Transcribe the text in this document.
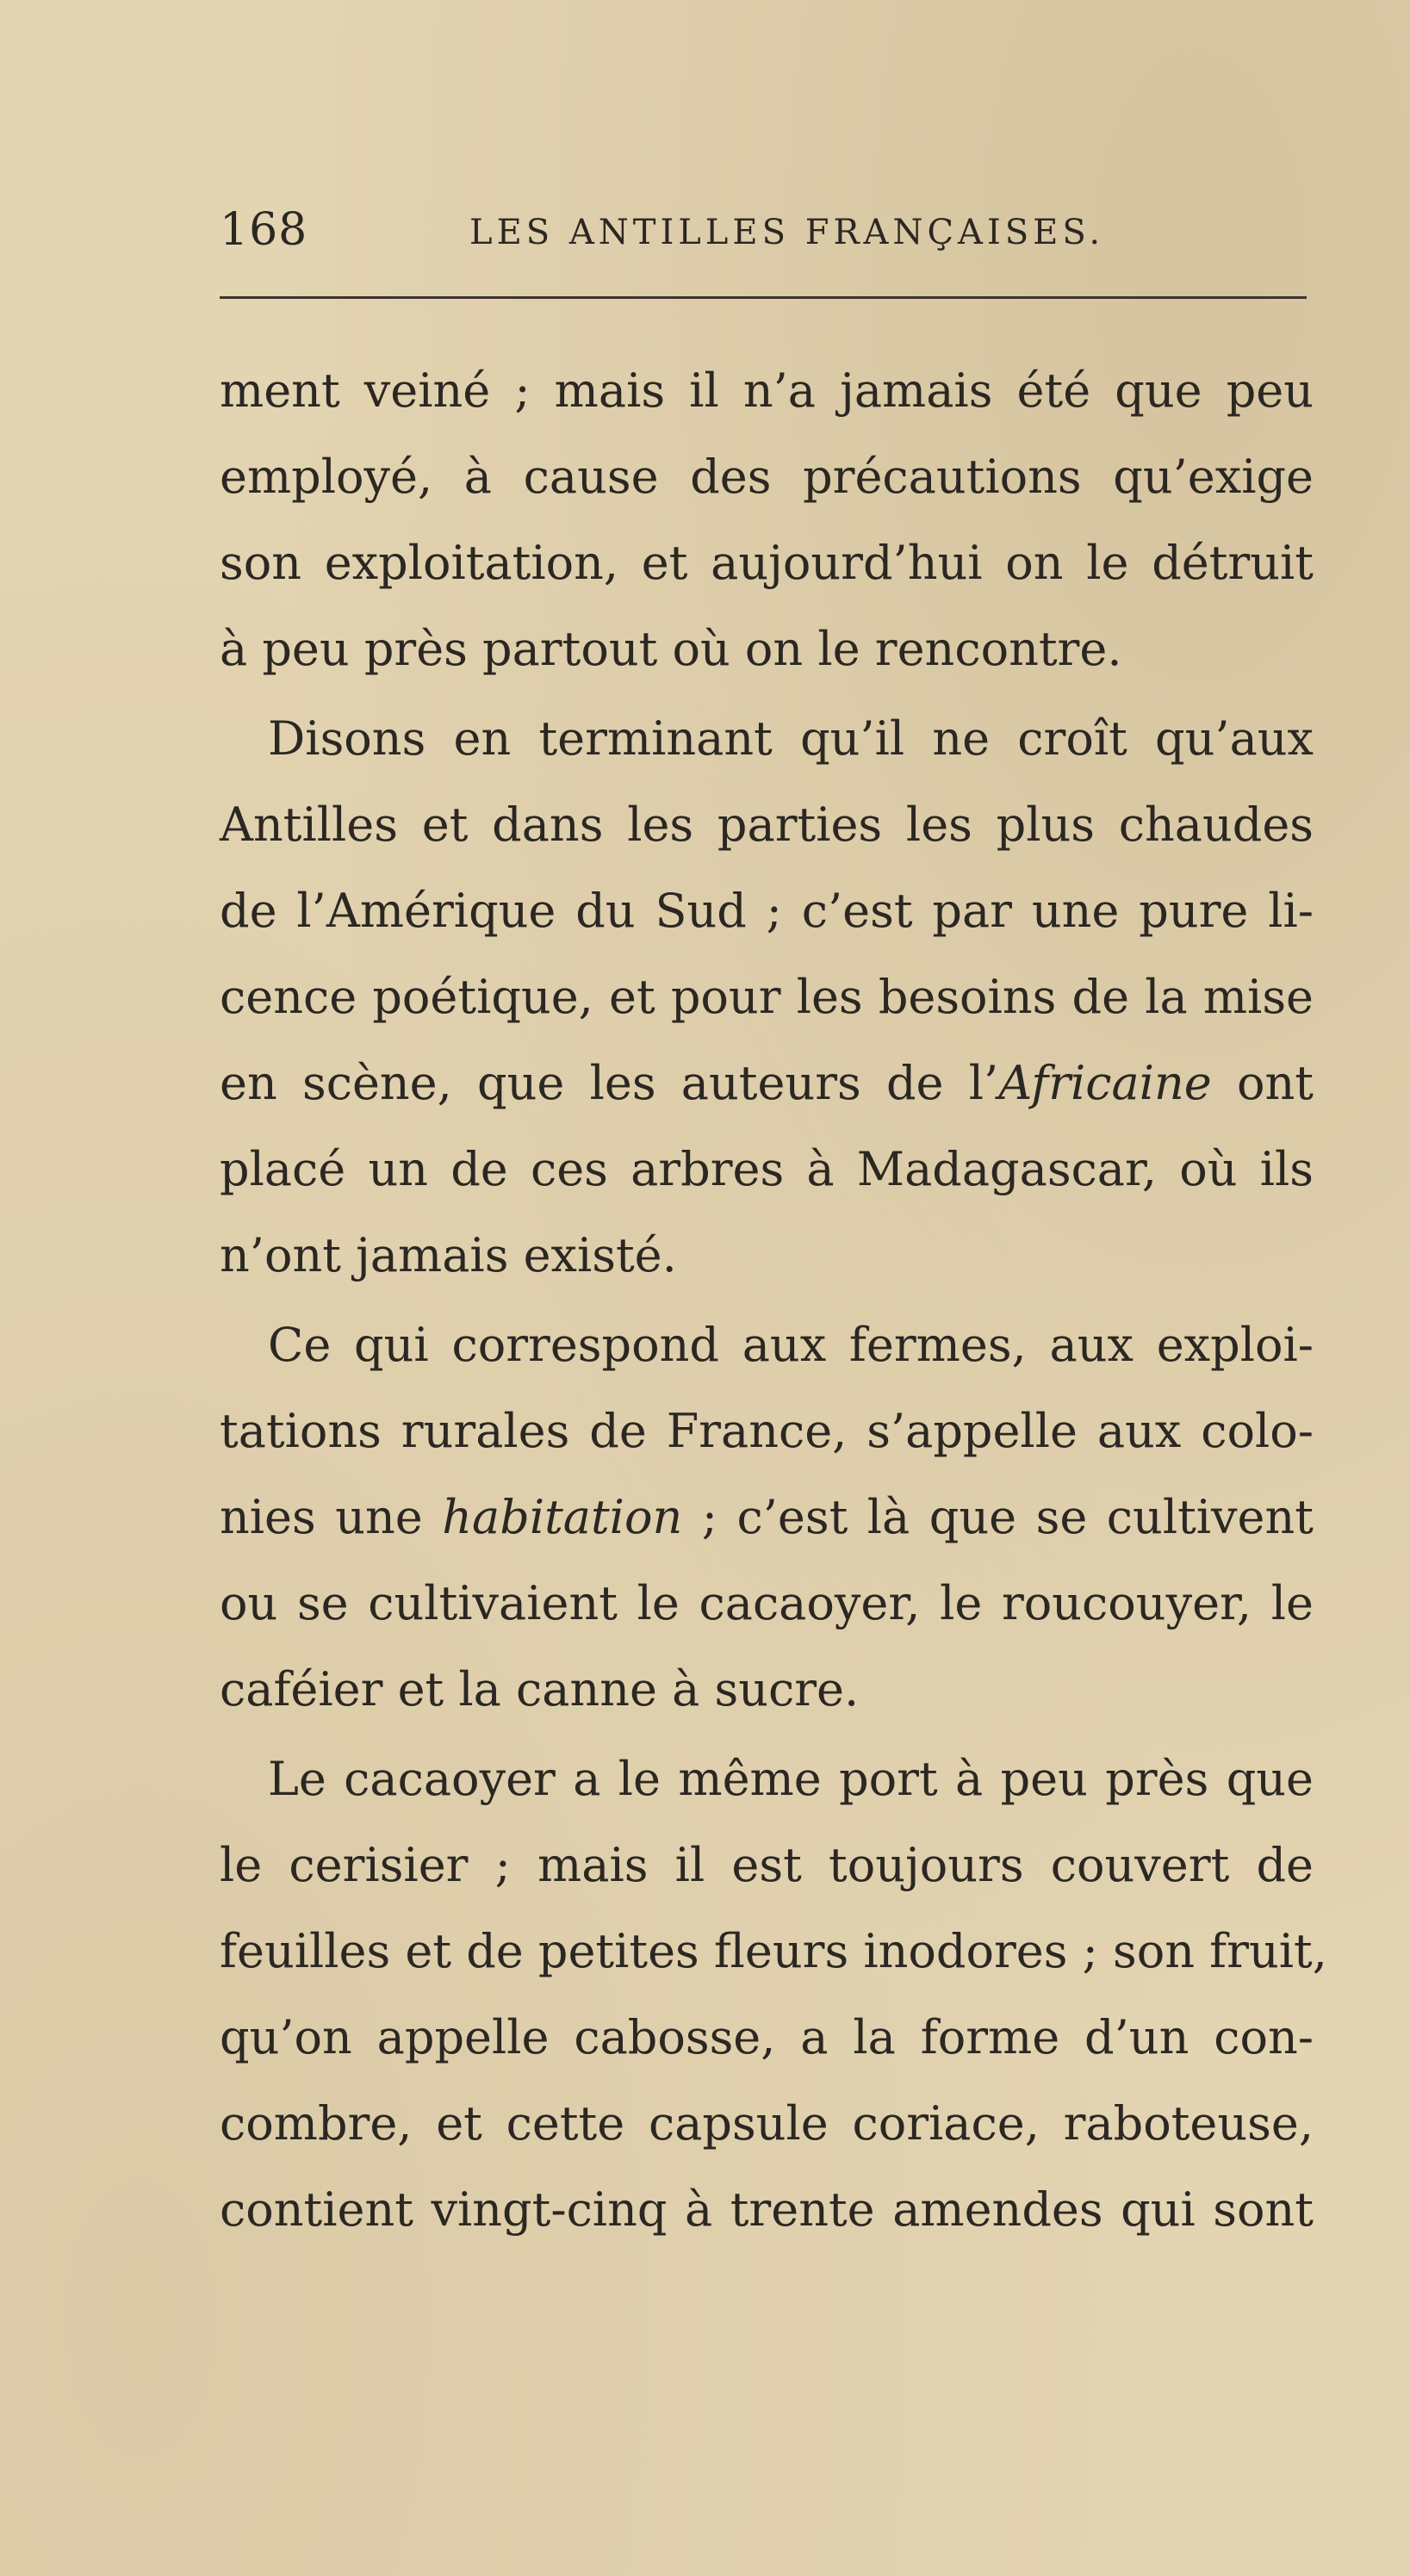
168	LES ANTILLES FRANÇAISES.
ment veiné ; mais il n’a jamais été que peu
employé, à cause des précautions qu’exige
son exploitation, et aujourd’hui on le détruit
à peu près partout où on le rencontre.
Disons en terminant qu’il ne croît qu’aux
Antilles et dans les parties les plus chaudes
de l’Amérique du Sud ; c’est par une pure li-
cence poétique, et pour les besoins de la mise
en scène, que les auteurs de l’Africaine ont
placé un de ces arbres à Madagascar, où ils
n’ont jamais existé.
Ce qui correspond aux fermes, aux exploi-
tations rurales de France, s’appelle aux colo-
nies une habitation ; c’est là que se cultivent
ou se cultivaient le cacaoyer, le roucouyer, le
caféier et la canne à sucre.
Le cacaoyer a le même port à peu près que
le cerisier ; mais il est toujours couvert de
feuilles et de petites fleurs inodores ; son fruit,
qu’on appelle cabosse, a la forme d’un con-
combre, et cette capsule coriace, raboteuse,
contient vingt-cinq à trente amendes qui sont
